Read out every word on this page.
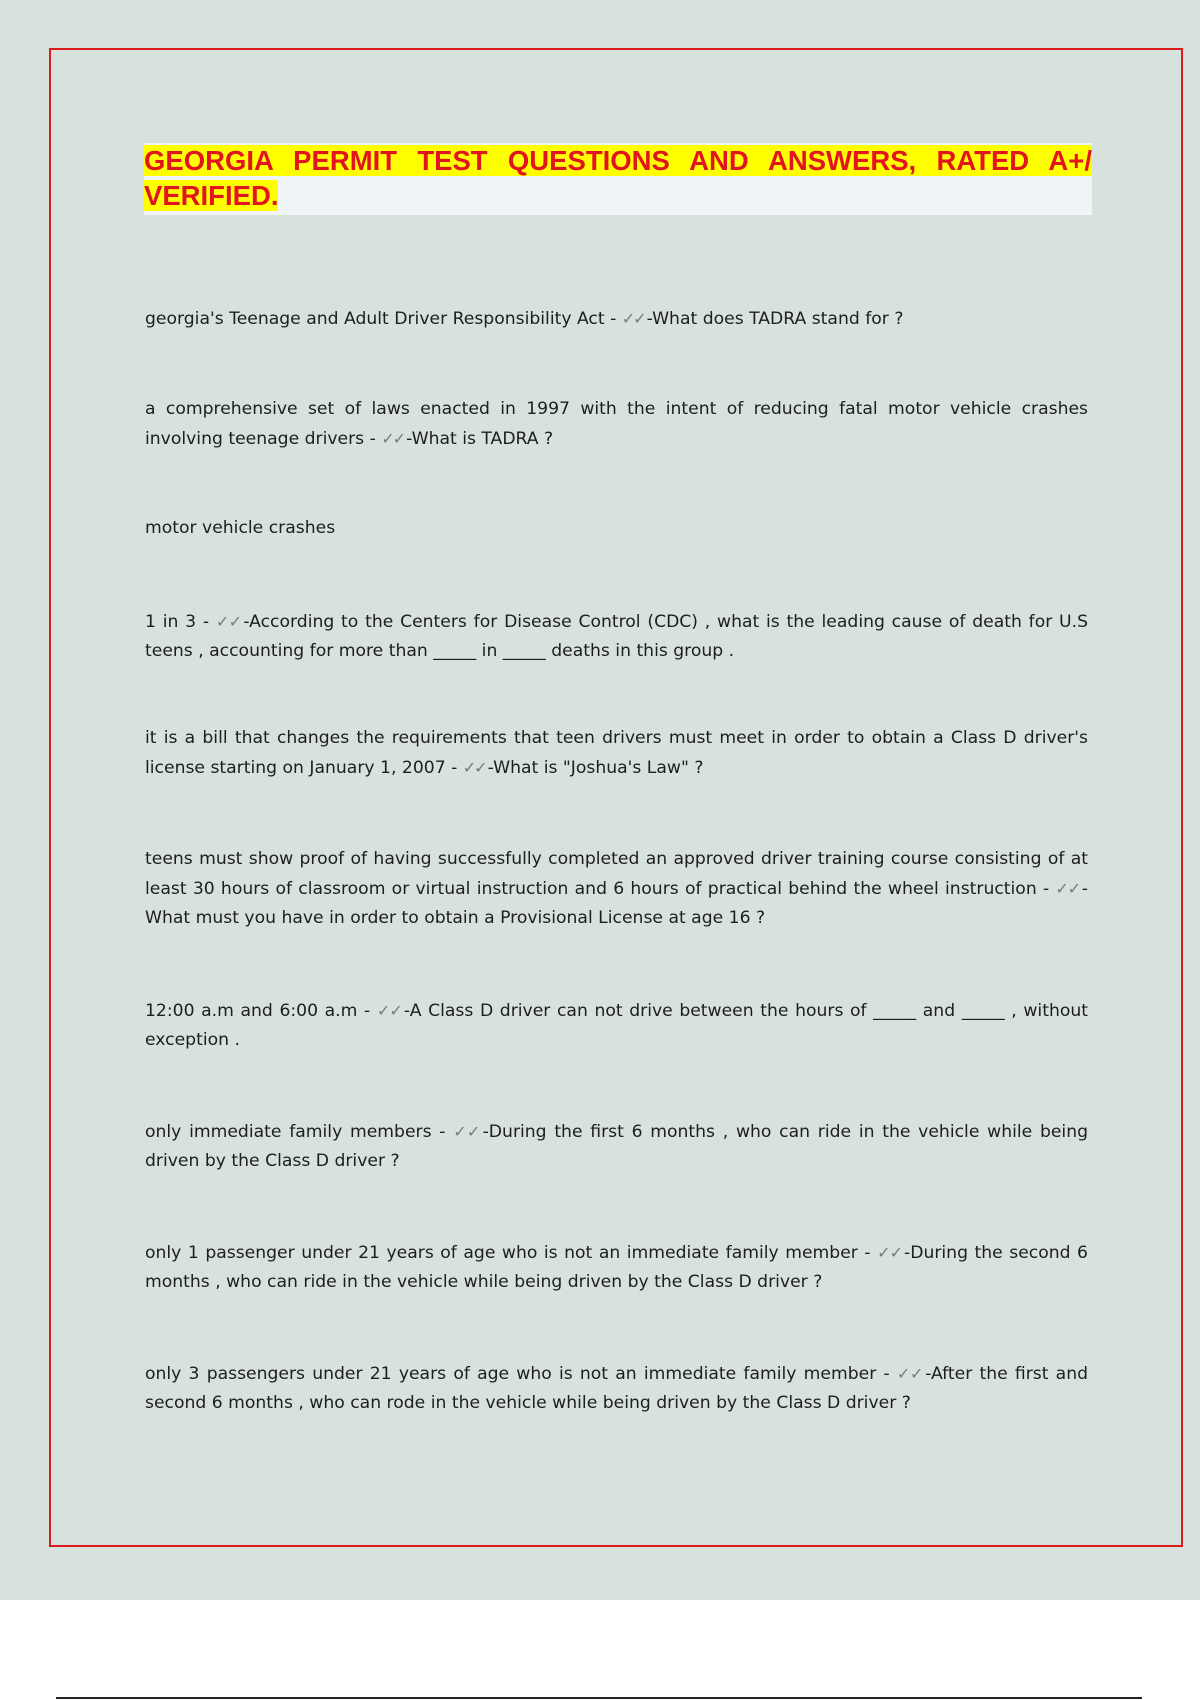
GEORGIA PERMIT TEST QUESTIONS AND ANSWERS, RATED A+/ VERIFIED.

georgia's Teenage and Adult Driver Responsibility Act - ✓✓ -What does TADRA stand for ?

a comprehensive set of laws enacted in 1997 with the intent of reducing fatal motor vehicle crashes involving teenage drivers - ✓✓ -What is TADRA ?

motor vehicle crashes

1 in 3 - ✓✓ -According to the Centers for Disease Control (CDC) , what is the leading cause of death for U.S teens , accounting for more than _____ in _____ deaths in this group .

it is a bill that changes the requirements that teen drivers must meet in order to obtain a Class D driver's license starting on January 1, 2007 - ✓✓ -What is "Joshua's Law" ?

teens must show proof of having successfully completed an approved driver training course consisting of at least 30 hours of classroom or virtual instruction and 6 hours of practical behind the wheel instruction - ✓✓ -What must you have in order to obtain a Provisional License at age 16 ?

12:00 a.m and 6:00 a.m - ✓✓ -A Class D driver can not drive between the hours of _____ and _____ , without exception .

only immediate family members - ✓✓ -During the first 6 months , who can ride in the vehicle while being driven by the Class D driver ?

only 1 passenger under 21 years of age who is not an immediate family member - ✓✓ -During the second 6 months , who can ride in the vehicle while being driven by the Class D driver ?

only 3 passengers under 21 years of age who is not an immediate family member - ✓✓ -After the first and second 6 months , who can rode in the vehicle while being driven by the Class D driver ?
